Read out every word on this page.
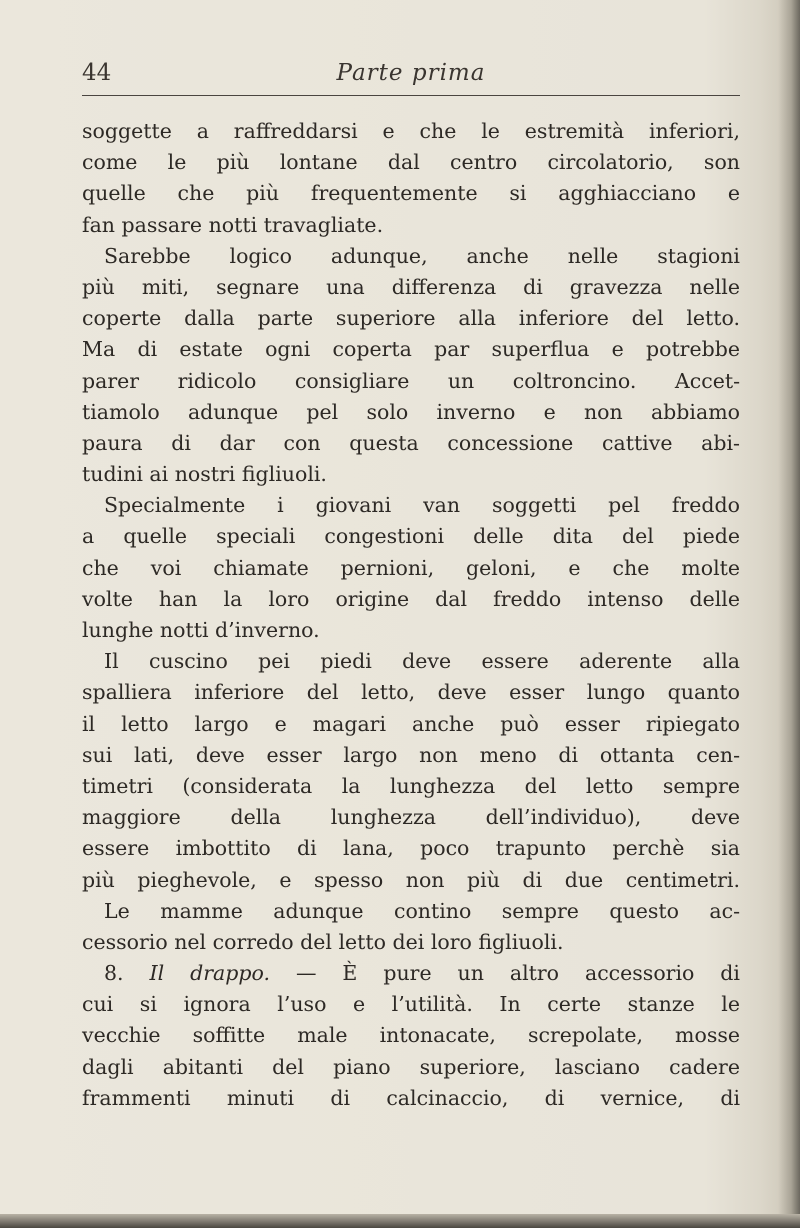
44	Parte prima
soggette a raffreddarsi e che le estremità inferiori,
come le più lontane dal centro circolatorio, son
quelle che più frequentemente si agghiacciano e
fan passare notti travagliate.
Sarebbe logico adunque, anche nelle stagioni
più miti, segnare una differenza di gravezza nelle
coperte dalla parte superiore alla inferiore del letto.
Ma di estate ogni coperta par superflua e potrebbe
parer ridicolo consigliare un coltroncino. Accet-
tiamolo adunque pel solo inverno e non abbiamo
paura di dar con questa concessione cattive abi-
tudini ai nostri figliuoli.
Specialmente i giovani van soggetti pel freddo
a quelle speciali congestioni delle dita del piede
che voi chiamate pernioni, geloni, e che molte
volte han la loro origine dal freddo intenso delle
lunghe notti d’inverno.
Il cuscino pei piedi deve essere aderente alla
spalliera inferiore del letto, deve esser lungo quanto
il letto largo e magari anche può esser ripiegato
sui lati, deve esser largo non meno di ottanta cen-
timetri (considerata la lunghezza del letto sempre
maggiore della lunghezza dell’individuo), deve
essere imbottito di lana, poco trapunto perchè sia
più pieghevole, e spesso non più di due centimetri.
Le mamme adunque contino sempre questo ac-
cessorio nel corredo del letto dei loro figliuoli.
8. Il drappo. — È pure un altro accessorio di
cui si ignora l’uso e l’utilità. In certe stanze le
vecchie soffitte male intonacate, screpolate, mosse
dagli abitanti del piano superiore, lasciano cadere
frammenti minuti di calcinaccio, di vernice, di
